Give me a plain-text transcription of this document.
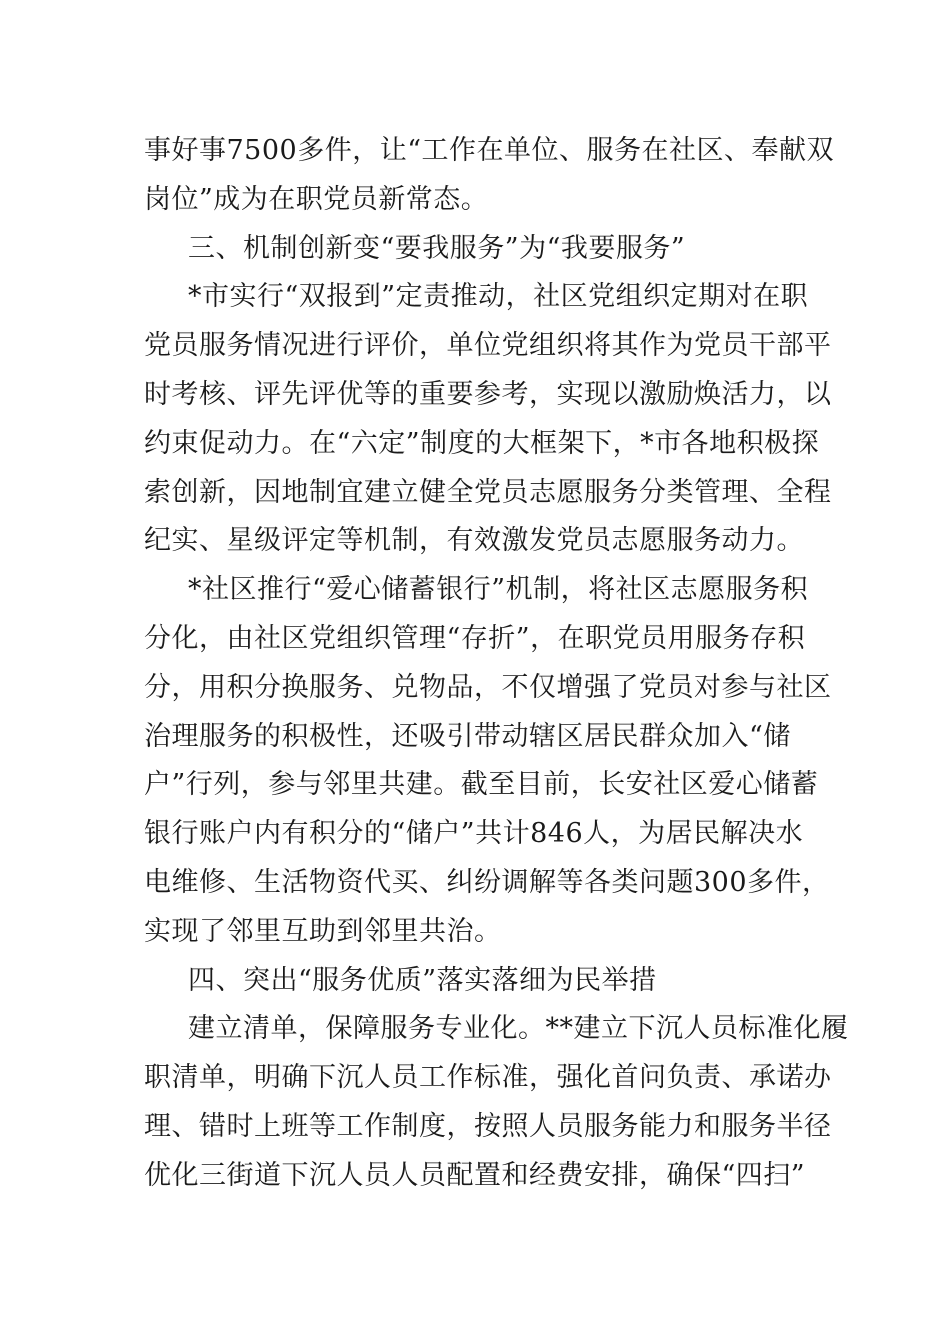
事好事7500多件，让“工作在单位、服务在社区、奉献双
岗位”成为在职党员新常态。
三、机制创新变“要我服务”为“我要服务”
*市实行“双报到”定责推动，社区党组织定期对在职
党员服务情况进行评价，单位党组织将其作为党员干部平
时考核、评先评优等的重要参考，实现以激励焕活力，以
约束促动力。在“六定”制度的大框架下，*市各地积极探
索创新，因地制宜建立健全党员志愿服务分类管理、全程
纪实、星级评定等机制，有效激发党员志愿服务动力。
*社区推行“爱心储蓄银行”机制，将社区志愿服务积
分化，由社区党组织管理“存折”，在职党员用服务存积
分，用积分换服务、兑物品，不仅增强了党员对参与社区
治理服务的积极性，还吸引带动辖区居民群众加入“储
户”行列，参与邻里共建。截至目前，长安社区爱心储蓄
银行账户内有积分的“储户”共计846人，为居民解决水
电维修、生活物资代买、纠纷调解等各类问题300多件，
实现了邻里互助到邻里共治。
四、突出“服务优质”落实落细为民举措
建立清单，保障服务专业化。**建立下沉人员标准化履
职清单，明确下沉人员工作标准，强化首问负责、承诺办
理、错时上班等工作制度，按照人员服务能力和服务半径
优化三街道下沉人员人员配置和经费安排，确保“四扫”
